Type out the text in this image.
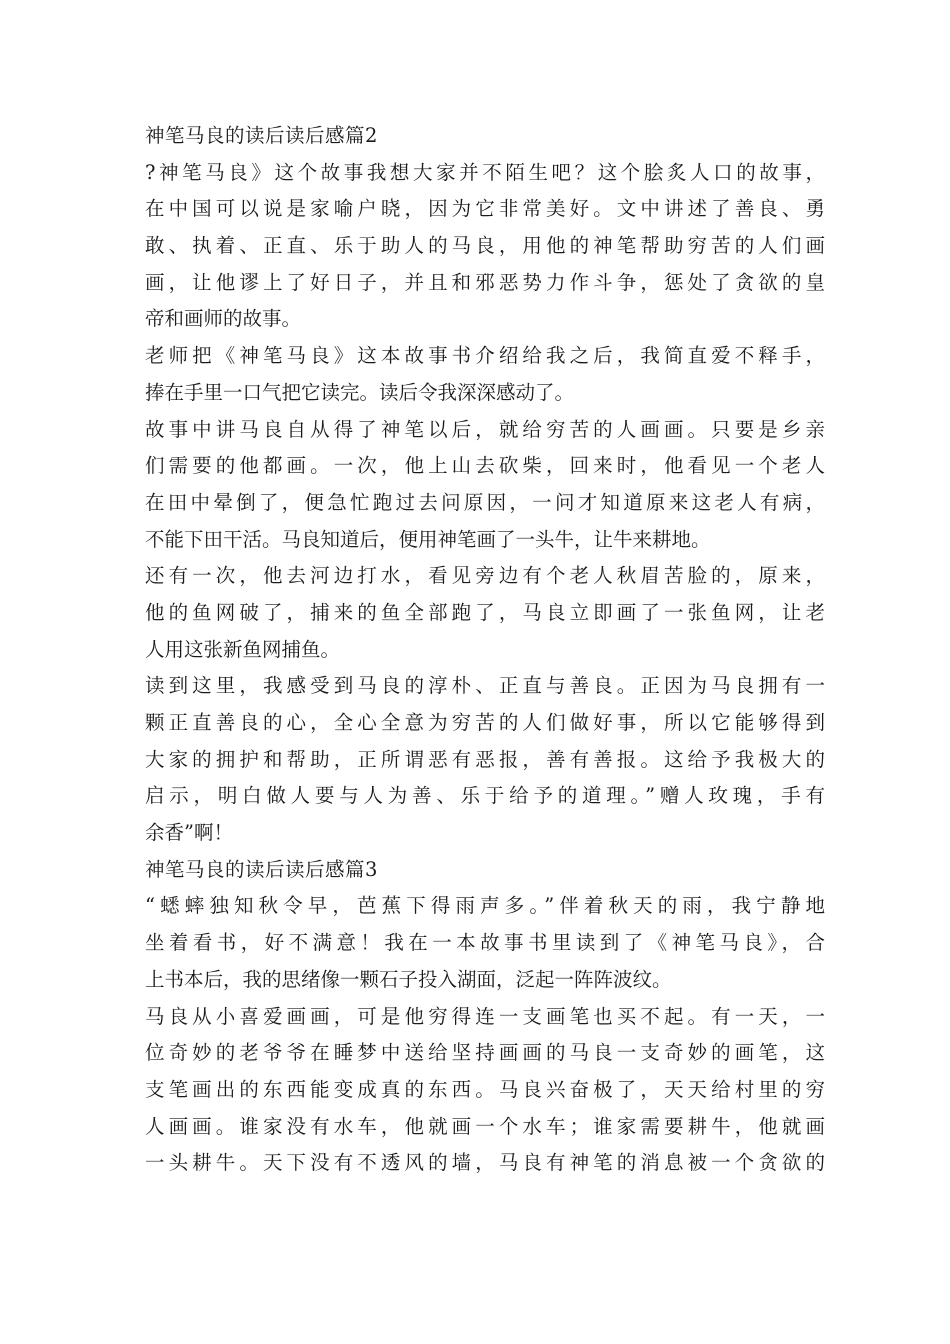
神笔马良的读后读后感篇2
?神笔马良》这个故事我想大家并不陌生吧？这个脍炙人口的故事，
在中国可以说是家喻户晓，因为它非常美好。文中讲述了善良、勇
敢、执着、正直、乐于助人的马良，用他的神笔帮助穷苦的人们画
画，让他谬上了好日子，并且和邪恶势力作斗争，惩处了贪欲的皇
帝和画师的故事。
老师把《神笔马良》这本故事书介绍给我之后，我简直爱不释手，
捧在手里一口气把它读完。读后令我深深感动了。
故事中讲马良自从得了神笔以后，就给穷苦的人画画。只要是乡亲
们需要的他都画。一次，他上山去砍柴，回来时，他看见一个老人
在田中晕倒了，便急忙跑过去问原因，一问才知道原来这老人有病，
不能下田干活。马良知道后，便用神笔画了一头牛，让牛来耕地。
还有一次，他去河边打水，看见旁边有个老人秋眉苦脸的，原来，
他的鱼网破了，捕来的鱼全部跑了，马良立即画了一张鱼网，让老
人用这张新鱼网捕鱼。
读到这里，我感受到马良的淳朴、正直与善良。正因为马良拥有一
颗正直善良的心，全心全意为穷苦的人们做好事，所以它能够得到
大家的拥护和帮助，正所谓恶有恶报，善有善报。这给予我极大的
启示，明白做人要与人为善、乐于给予的道理。”赠人玫瑰，手有
余香”啊！
神笔马良的读后读后感篇3
“蟋蟀独知秋令早，芭蕉下得雨声多。”伴着秋天的雨，我宁静地
坐着看书，好不满意！我在一本故事书里读到了《神笔马良》，合
上书本后，我的思绪像一颗石子投入湖面，泛起一阵阵波纹。
马良从小喜爱画画，可是他穷得连一支画笔也买不起。有一天，一
位奇妙的老爷爷在睡梦中送给坚持画画的马良一支奇妙的画笔，这
支笔画出的东西能变成真的东西。马良兴奋极了，天天给村里的穷
人画画。谁家没有水车，他就画一个水车；谁家需要耕牛，他就画
一头耕牛。天下没有不透风的墙，马良有神笔的消息被一个贪欲的
